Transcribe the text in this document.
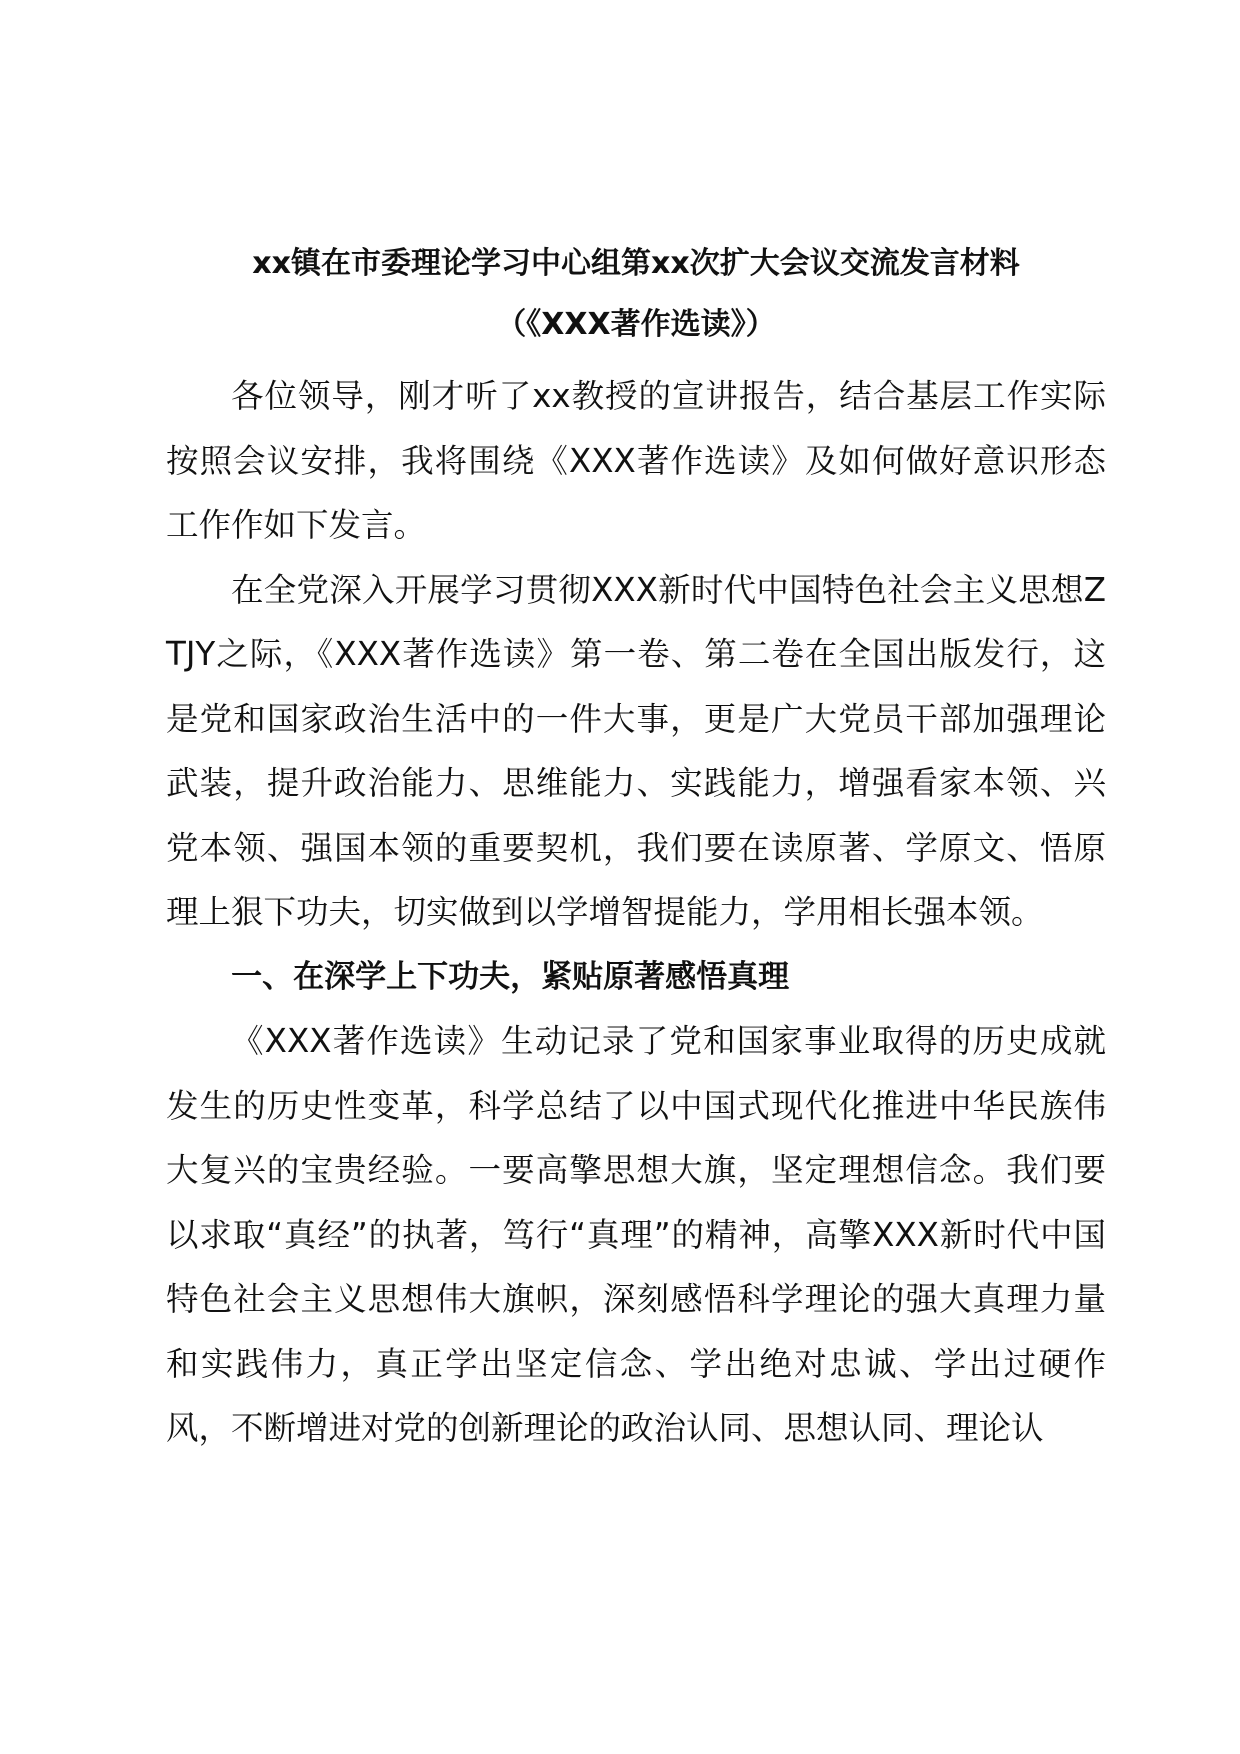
xx镇在市委理论学习中心组第xx次扩大会议交流发言材料
（《XXX著作选读》）

各位领导，刚才听了xx教授的宣讲报告，结合基层工作实际按照会议安排，我将围绕《XXX著作选读》及如何做好意识形态工作作如下发言。

在全党深入开展学习贯彻XXX新时代中国特色社会主义思想ZTJY之际，《XXX著作选读》第一卷、第二卷在全国出版发行，这是党和国家政治生活中的一件大事，更是广大党员干部加强理论武装，提升政治能力、思维能力、实践能力，增强看家本领、兴党本领、强国本领的重要契机，我们要在读原著、学原文、悟原理上狠下功夫，切实做到以学增智提能力，学用相长强本领。

一、在深学上下功夫，紧贴原著感悟真理

《XXX著作选读》生动记录了党和国家事业取得的历史成就发生的历史性变革，科学总结了以中国式现代化推进中华民族伟大复兴的宝贵经验。一要高擎思想大旗，坚定理想信念。我们要以求取“真经”的执著，笃行“真理”的精神，高擎XXX新时代中国特色社会主义思想伟大旗帜，深刻感悟科学理论的强大真理力量和实践伟力，真正学出坚定信念、学出绝对忠诚、学出过硬作风，不断增进对党的创新理论的政治认同、思想认同、理论认
